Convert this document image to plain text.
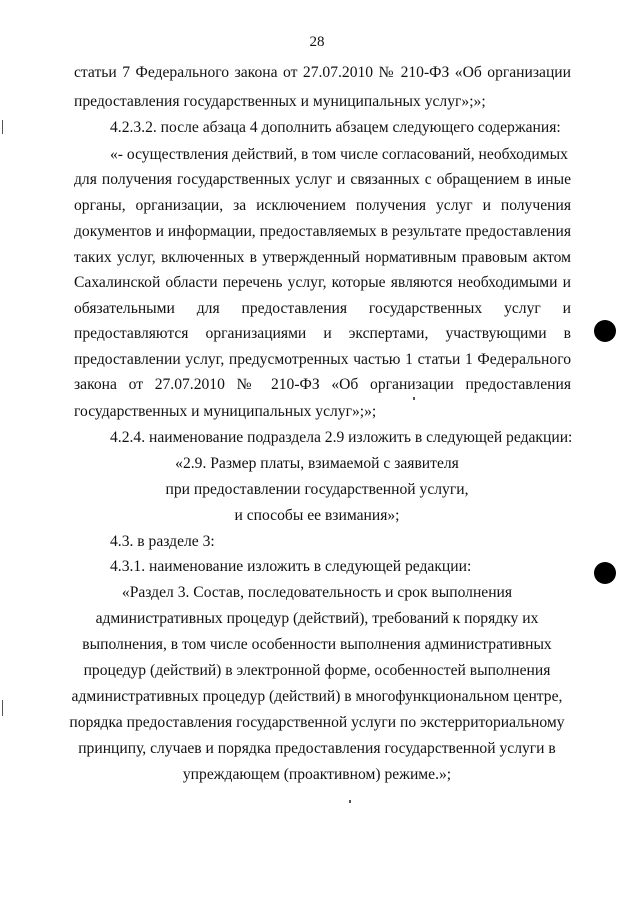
28
статьи 7 Федерального закона от 27.07.2010 № 210-ФЗ «Об организации
предоставления государственных и муниципальных услуг»;»;
4.2.3.2. после абзаца 4 дополнить абзацем следующего содержания:
«- осуществления действий, в том числе согласований, необходимых
для получения государственных услуг и связанных с обращением в иные
органы, организации, за исключением получения услуг и получения
документов и информации, предоставляемых в результате предоставления
таких услуг, включенных в утвержденный нормативным правовым актом
Сахалинской области перечень услуг, которые являются необходимыми и
обязательными для предоставления государственных услуг и
предоставляются организациями и экспертами, участвующими в
предоставлении услуг, предусмотренных частью 1 статьи 1 Федерального
закона от 27.07.2010 № 210-ФЗ «Об организации предоставления
государственных и муниципальных услуг»;»;
4.2.4. наименование подраздела 2.9 изложить в следующей редакции:
«2.9. Размер платы, взимаемой с заявителя
при предоставлении государственной услуги,
и способы ее взимания»;
4.3. в разделе 3:
4.3.1. наименование изложить в следующей редакции:
«Раздел 3. Состав, последовательность и срок выполнения
административных процедур (действий), требований к порядку их
выполнения, в том числе особенности выполнения административных
процедур (действий) в электронной форме, особенностей выполнения
административных процедур (действий) в многофункциональном центре,
порядка предоставления государственной услуги по экстерриториальному
принципу, случаев и порядка предоставления государственной услуги в
упреждающем (проактивном) режиме.»;
